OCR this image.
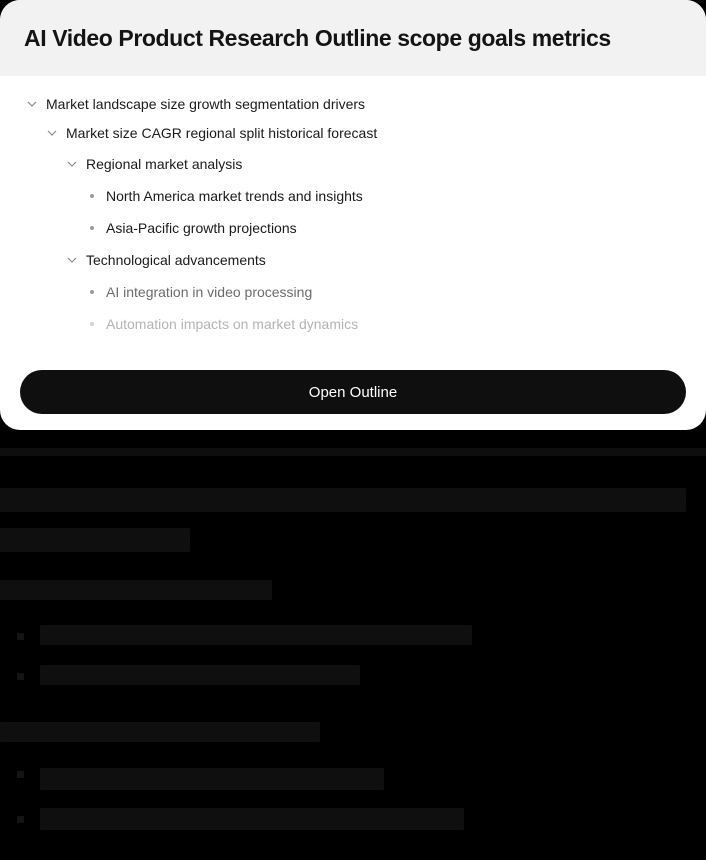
AI Video Product Research Outline scope goals metrics
Market landscape size growth segmentation drivers
Market size CAGR regional split historical forecast
Regional market analysis
North America market trends and insights
Asia-Pacific growth projections
Technological advancements
AI integration in video processing
Automation impacts on market dynamics
Open Outline
